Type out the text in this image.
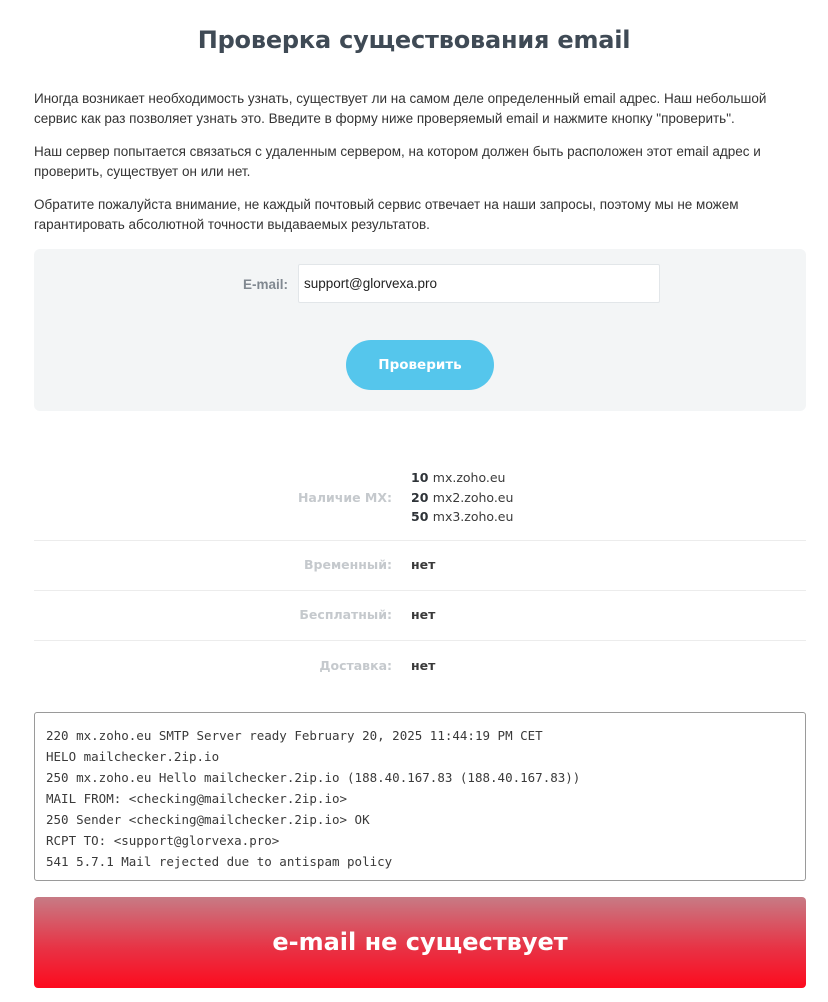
Проверка существования email

Иногда возникает необходимость узнать, существует ли на самом деле определенный email адрес. Наш небольшой сервис как раз позволяет узнать это. Введите в форму ниже проверяемый email и нажмите кнопку "проверить".

Наш сервер попытается связаться с удаленным сервером, на котором должен быть расположен этот email адрес и проверить, существует он или нет.

Обратите пожалуйста внимание, не каждый почтовый сервис отвечает на наши запросы, поэтому мы не можем гарантировать абсолютной точности выдаваемых результатов.

E-mail:
support@glorvexa.pro
Проверить
Наличие MX:
10 mx.zoho.eu
20 mx2.zoho.eu
50 mx3.zoho.eu
Временный:	нет
Бесплатный:	нет
Доставка:	нет
220 mx.zoho.eu SMTP Server ready February 20, 2025 11:44:19 PM CET
HELO mailchecker.2ip.io
250 mx.zoho.eu Hello mailchecker.2ip.io (188.40.167.83 (188.40.167.83))
MAIL FROM: <checking@mailchecker.2ip.io>
250 Sender <checking@mailchecker.2ip.io> OK
RCPT TO: <support@glorvexa.pro>
541 5.7.1 Mail rejected due to antispam policy
e-mail не существует
